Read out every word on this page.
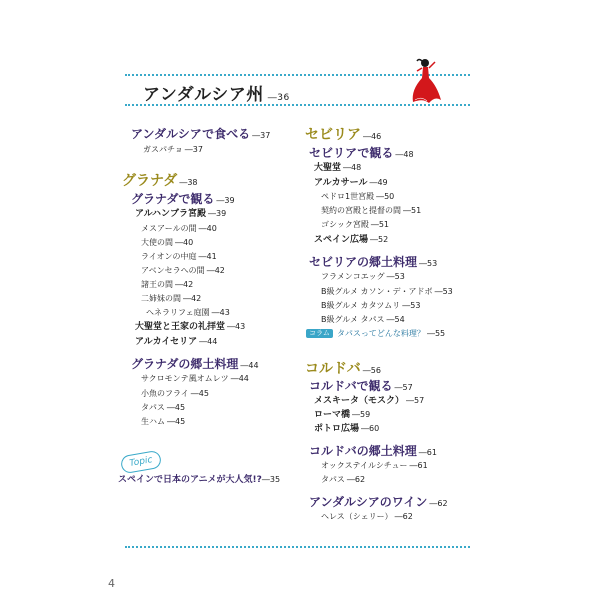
アンダルシア州 ―36
アンダルシアで食べる ―37
ガスパチョ ―37
グラナダ ―38
グラナダで観る ―39
アルハンブラ宮殿 ―39
メスアールの間 ―40
大使の間 ―40
ライオンの中庭 ―41
アベンセラへの間 ―42
諸王の間 ―42
二姉妹の間 ―42
ヘネラリフェ庭園 ―43
大聖堂と王家の礼拝堂 ―43
アルカイセリア ―44
グラナダの郷土料理 ―44
サクロモンテ風オムレツ ―44
小魚のフライ ―45
タパス ―45
生ハム ―45
Topic
スペインで日本のアニメが大人気!?―35
セビリア ―46
セビリアで観る ―48
大聖堂 ―48
アルカサール ―49
ペドロ1世宮殿 ―50
契約の宮殿と提督の間 ―51
ゴシック宮殿 ―51
スペイン広場 ―52
セビリアの郷土料理 ―53
フラメンコエッグ ―53
B級グルメ カソン・デ・アドボ ―53
B級グルメ カタツムリ ―53
B級グルメ タパス ―54
コラム タパスってどんな料理？ ―55
コルドバ ―56
コルドバで観る ―57
メスキータ（モスク） ―57
ローマ橋 ―59
ポトロ広場 ―60
コルドバの郷土料理 ―61
オックステイルシチュー ―61
タパス ―62
アンダルシアのワイン ―62
ヘレス（シェリー） ―62
4
